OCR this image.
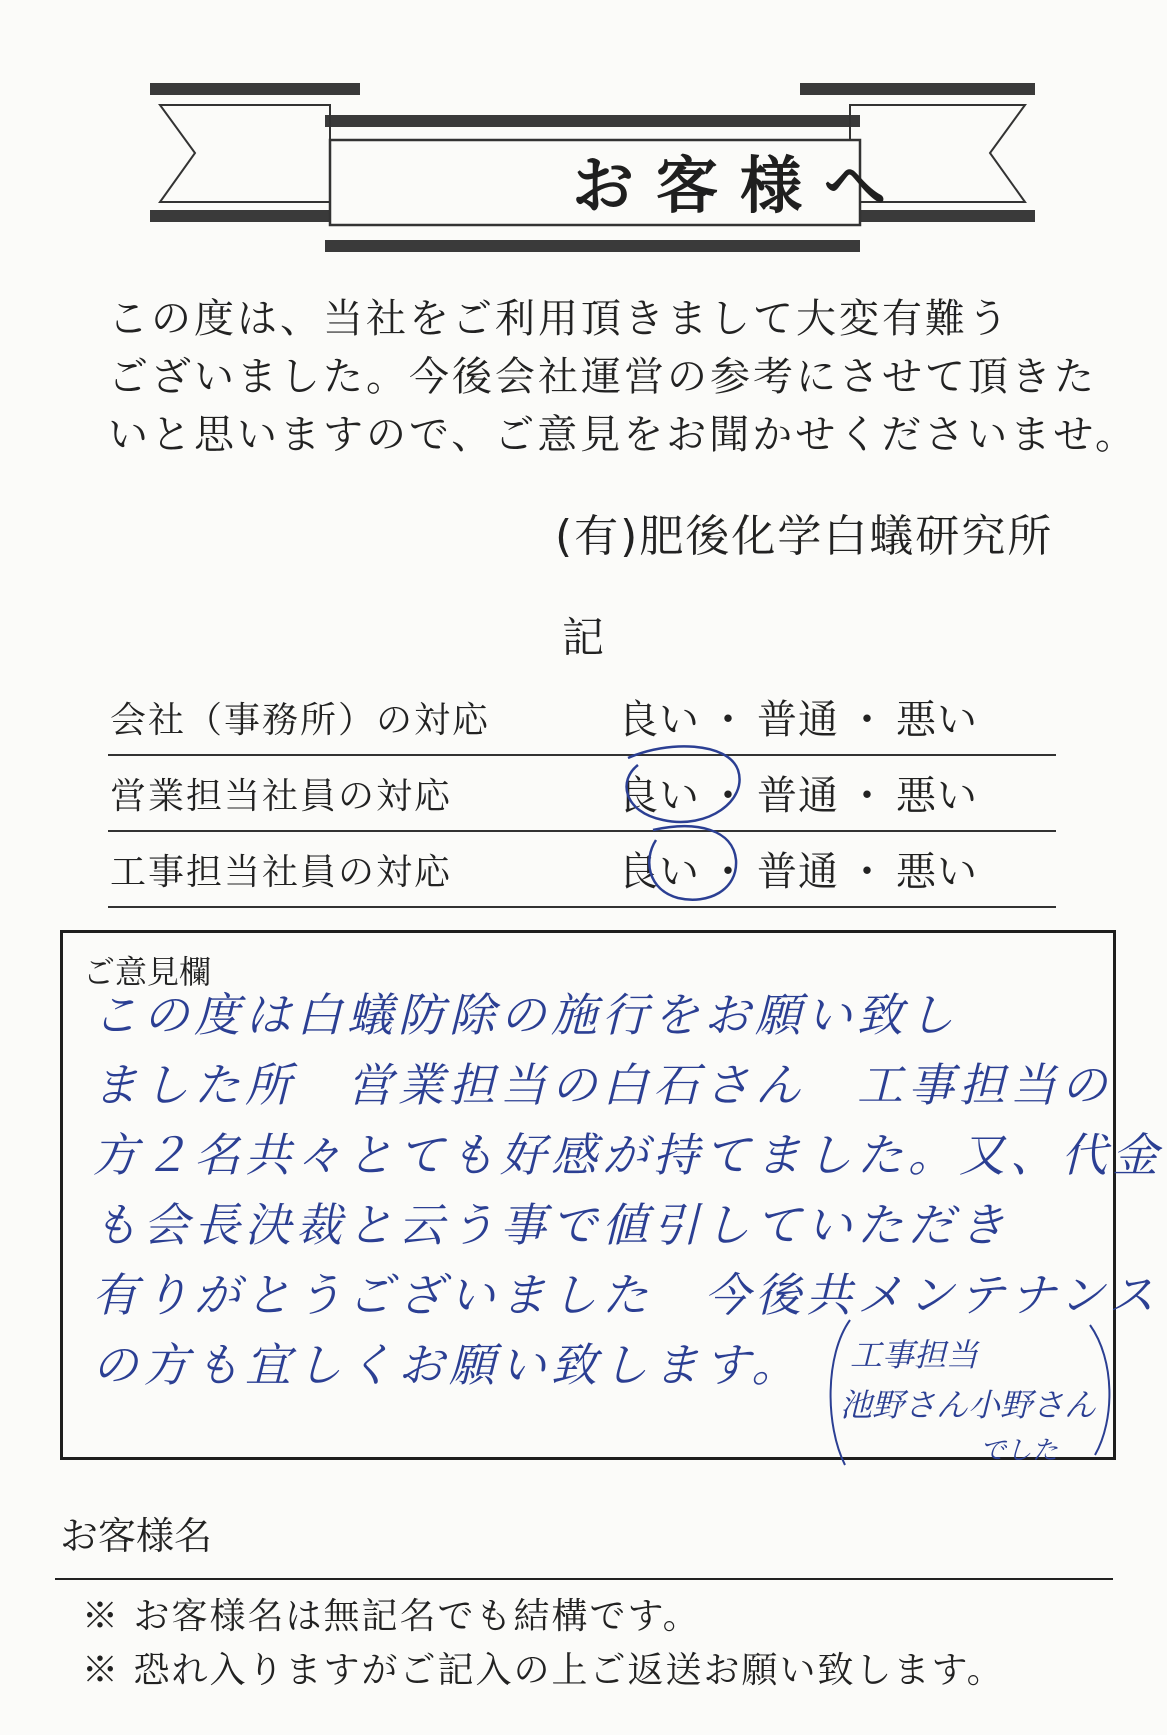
お客様へ
この度は、当社をご利用頂きまして大変有難う
ございました。今後会社運営の参考にさせて頂きた
いと思いますので、ご意見をお聞かせくださいませ。
(有)肥後化学白蟻研究所
記
会社（事務所）の対応	良い ・ 普通 ・ 悪い
営業担当社員の対応	良い ・ 普通 ・ 悪い
工事担当社員の対応	良い ・ 普通 ・ 悪い
ご意見欄
この度は白蟻防除の施行をお願い致し
ました所　営業担当の白石さん　工事担当の
方２名共々とても好感が持てました。又、代金
も会長決裁と云う事で値引していただき
有りがとうございました　今後共メンテナンス
の方も宜しくお願い致します。	工事担当
池野さん小野さん
でした
お客様名
※ お客様名は無記名でも結構です。
※ 恐れ入りますがご記入の上ご返送お願い致します。
